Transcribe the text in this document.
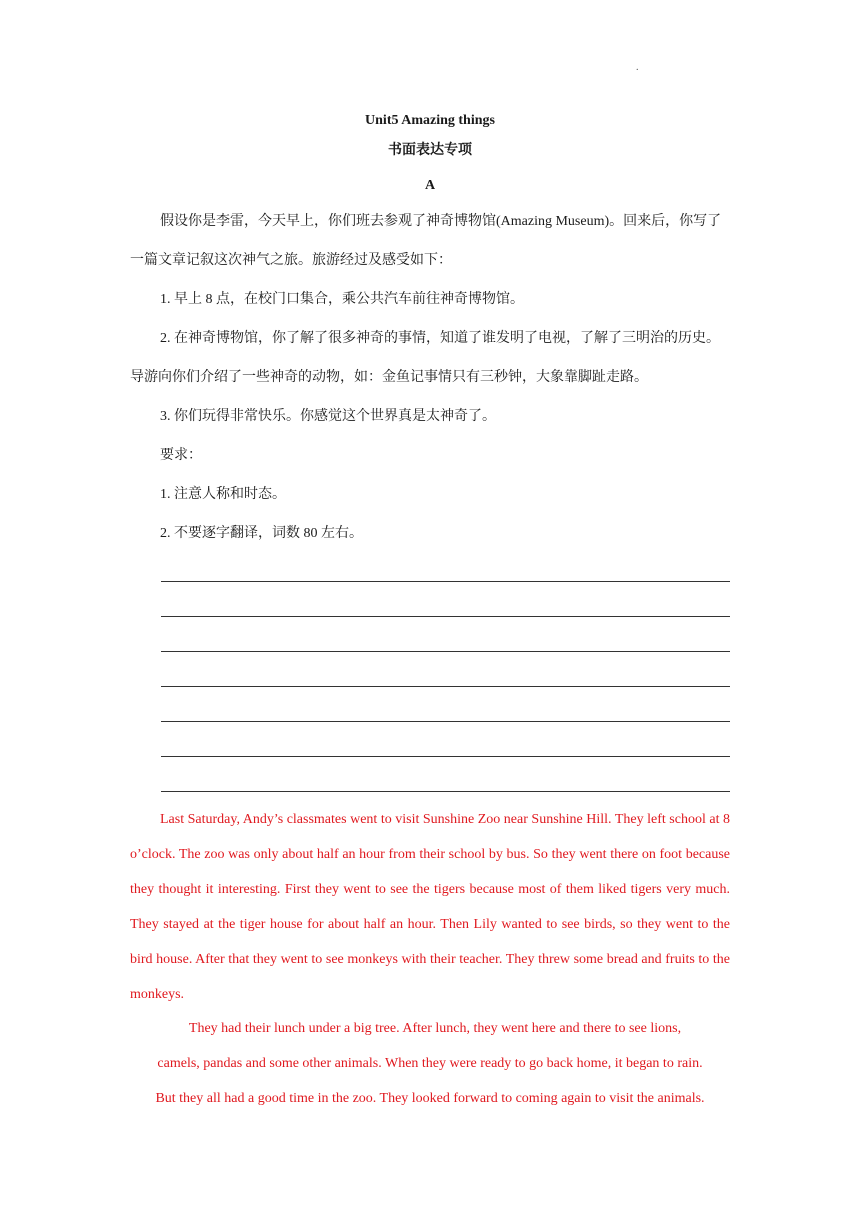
.
Unit5 Amazing things
书面表达专项
A
假设你是李雷，今天早上，你们班去参观了神奇博物馆(Amazing Museum)。回来后，你写了一篇文章记叙这次神气之旅。旅游经过及感受如下：
1. 早上 8 点，在校门口集合，乘公共汽车前往神奇博物馆。
2. 在神奇博物馆，你了解了很多神奇的事情，知道了谁发明了电视，了解了三明治的历史。导游向你们介绍了一些神奇的动物，如：金鱼记事情只有三秒钟，大象靠脚趾走路。
3. 你们玩得非常快乐。你感觉这个世界真是太神奇了。
要求：
1. 注意人称和时态。
2. 不要逐字翻译，词数 80 左右。

Last Saturday, Andy’s classmates went to visit Sunshine Zoo near Sunshine Hill. They left school at 8 o’clock. The zoo was only about half an hour from their school by bus. So they went there on foot because they thought it interesting. First they went to see the tigers because most of them liked tigers very much. They stayed at the tiger house for about half an hour. Then Lily wanted to see birds, so they went to the bird house. After that they went to see monkeys with their teacher. They threw some bread and fruits to the monkeys.

They had their lunch under a big tree. After lunch, they went here and there to see lions,
camels, pandas and some other animals. When they were ready to go back home, it began to rain.
But they all had a good time in the zoo. They looked forward to coming again to visit the animals.
